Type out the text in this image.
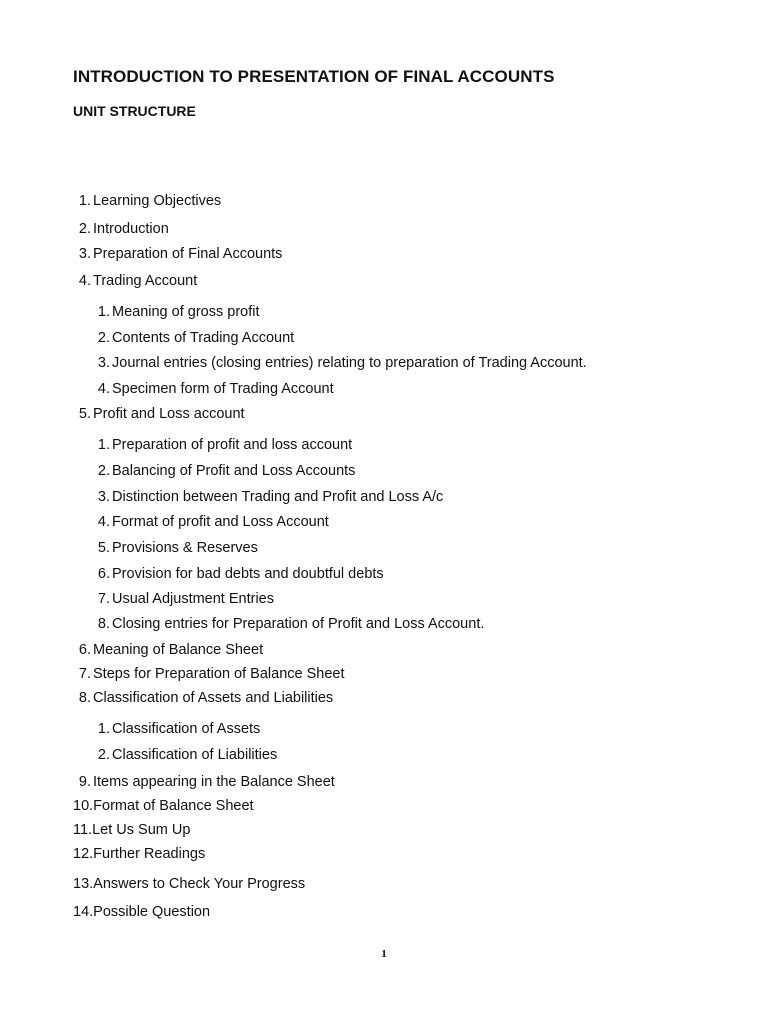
INTRODUCTION TO PRESENTATION OF FINAL ACCOUNTS
UNIT STRUCTURE
1. Learning Objectives
2. Introduction
3. Preparation of Final Accounts
4. Trading Account
1. Meaning of gross profit
2. Contents of Trading Account
3. Journal entries (closing entries) relating to preparation of Trading Account.
4. Specimen form of Trading Account
5. Profit and Loss account
1. Preparation of profit and loss account
2. Balancing of Profit and Loss Accounts
3. Distinction between Trading and Profit and Loss A/c
4. Format of profit and Loss Account
5. Provisions & Reserves
6. Provision for bad debts and doubtful debts
7. Usual Adjustment Entries
8. Closing entries for Preparation of Profit and Loss Account.
6. Meaning of Balance Sheet
7. Steps for Preparation of Balance Sheet
8. Classification of Assets and Liabilities
1. Classification of Assets
2. Classification of Liabilities
9. Items appearing in the Balance Sheet
10.Format of Balance Sheet
11.Let Us Sum Up
12.Further Readings
13.Answers to Check Your Progress
14.Possible Question
1
